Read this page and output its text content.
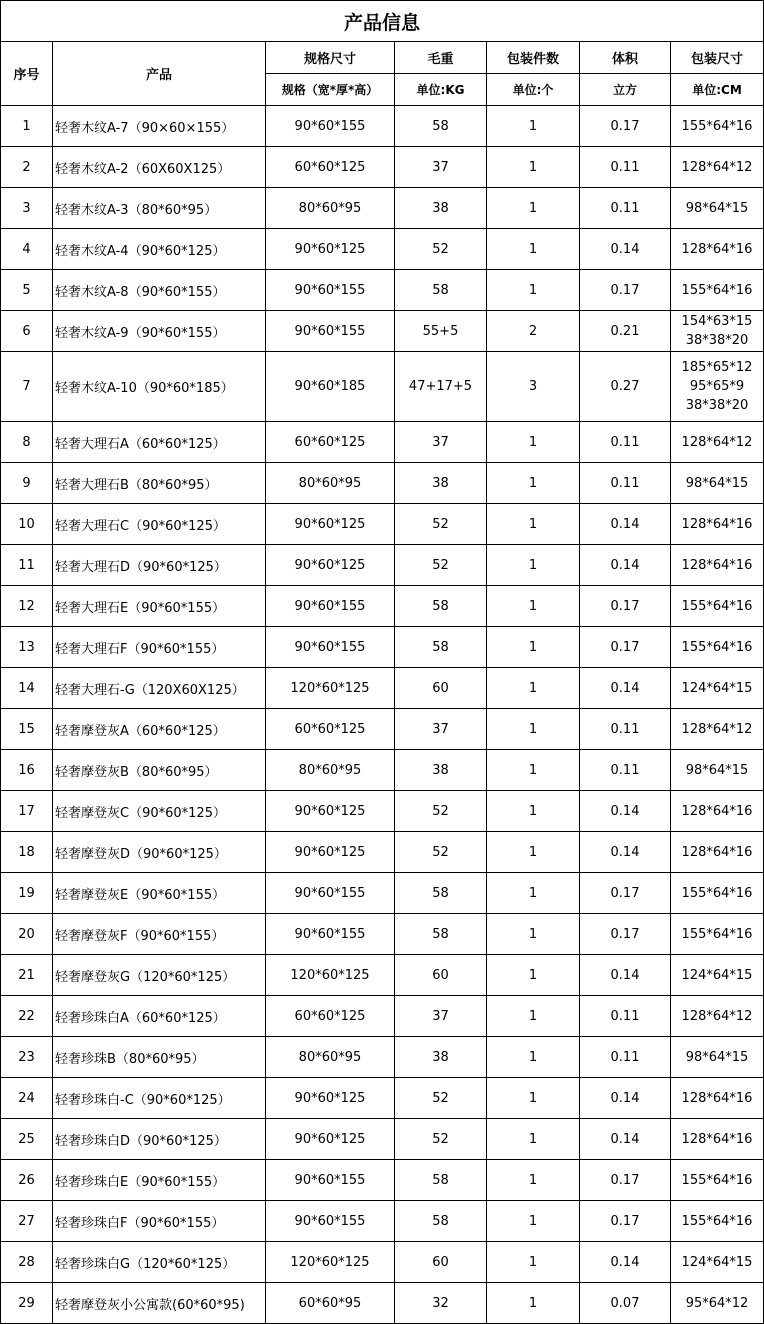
产品信息						
序号	产品	规格尺寸	毛重	包装件数	体积	包装尺寸
		规格（宽*厚*高）	单位:KG	单位:个	立方	单位:CM
1	轻奢木纹A-7（90×60×155）	90*60*155	58	1	0.17	155*64*16

2	轻奢木纹A-2（60X60X125）	60*60*125	37	1	0.11	128*64*12

3	轻奢木纹A-3（80*60*95）	80*60*95	38	1	0.11	98*64*15

4	轻奢木纹A-4（90*60*125）	90*60*125	52	1	0.14	128*64*16

5	轻奢木纹A-8（90*60*155）	90*60*155	58	1	0.17	155*64*16

6	轻奢木纹A-9（90*60*155）	90*60*155	55+5	2	0.21	154*63*15
38*38*20

7	轻奢木纹A-10（90*60*185）	90*60*185	47+17+5	3	0.27	185*65*12
95*65*9
38*38*20

8	轻奢大理石A（60*60*125）	60*60*125	37	1	0.11	128*64*12

9	轻奢大理石B（80*60*95）	80*60*95	38	1	0.11	98*64*15

10	轻奢大理石C（90*60*125）	90*60*125	52	1	0.14	128*64*16

11	轻奢大理石D（90*60*125）	90*60*125	52	1	0.14	128*64*16

12	轻奢大理石E（90*60*155）	90*60*155	58	1	0.17	155*64*16

13	轻奢大理石F（90*60*155）	90*60*155	58	1	0.17	155*64*16

14	轻奢大理石-G（120X60X125）	120*60*125	60	1	0.14	124*64*15

15	轻奢摩登灰A（60*60*125）	60*60*125	37	1	0.11	128*64*12

16	轻奢摩登灰B（80*60*95）	80*60*95	38	1	0.11	98*64*15

17	轻奢摩登灰C（90*60*125）	90*60*125	52	1	0.14	128*64*16

18	轻奢摩登灰D（90*60*125）	90*60*125	52	1	0.14	128*64*16

19	轻奢摩登灰E（90*60*155）	90*60*155	58	1	0.17	155*64*16

20	轻奢摩登灰F（90*60*155）	90*60*155	58	1	0.17	155*64*16

21	轻奢摩登灰G（120*60*125）	120*60*125	60	1	0.14	124*64*15

22	轻奢珍珠白A（60*60*125）	60*60*125	37	1	0.11	128*64*12

23	轻奢珍珠B（80*60*95）	80*60*95	38	1	0.11	98*64*15

24	轻奢珍珠白-C（90*60*125）	90*60*125	52	1	0.14	128*64*16

25	轻奢珍珠白D（90*60*125）	90*60*125	52	1	0.14	128*64*16

26	轻奢珍珠白E（90*60*155）	90*60*155	58	1	0.17	155*64*16

27	轻奢珍珠白F（90*60*155）	90*60*155	58	1	0.17	155*64*16

28	轻奢珍珠白G（120*60*125）	120*60*125	60	1	0.14	124*64*15

29	轻奢摩登灰小公寓款(60*60*95)	60*60*95	32	1	0.07	95*64*12
